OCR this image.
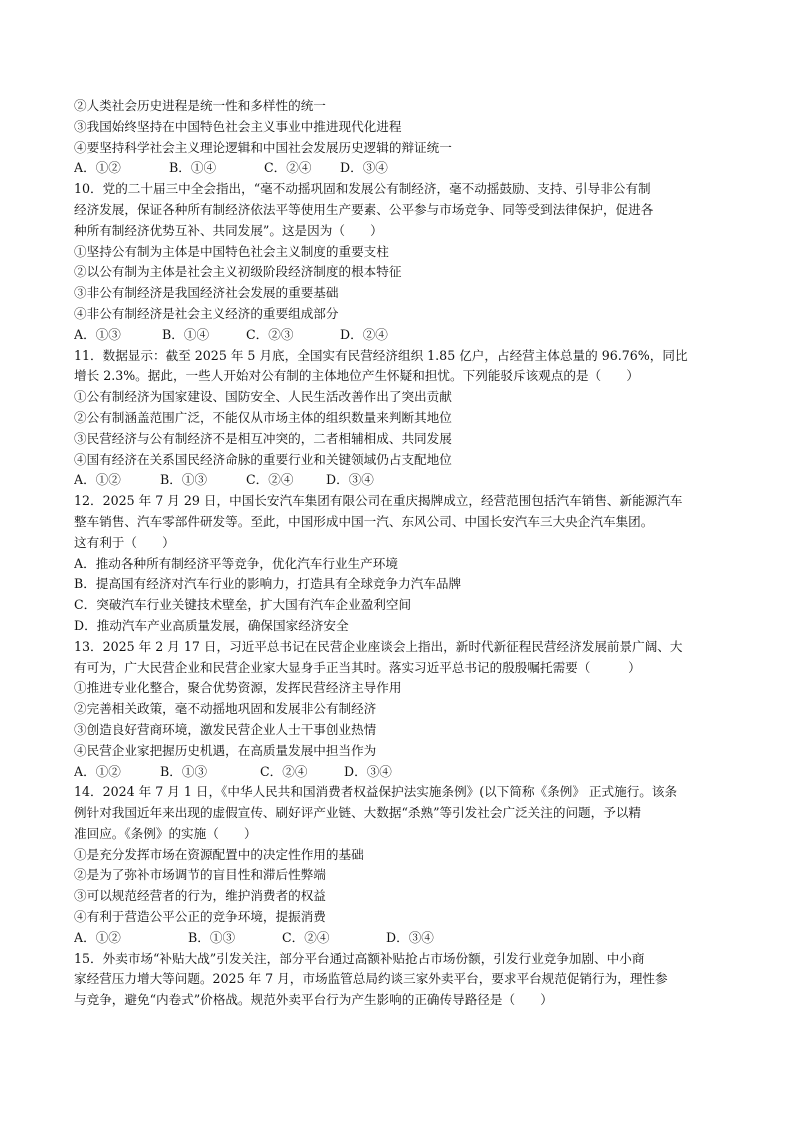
②人类社会历史进程是统一性和多样性的统一
③我国始终坚持在中国特色社会主义事业中推进现代化进程
④要坚持科学社会主义理论逻辑和中国社会发展历史逻辑的辩证统一
A．①②	B．①④	C．②④	D．③④
10．党的二十届三中全会指出，“毫不动摇巩固和发展公有制经济，毫不动摇鼓励、支持、引导非公有制
经济发展，保证各种所有制经济依法平等使用生产要素、公平参与市场竞争、同等受到法律保护，促进各
种所有制经济优势互补、共同发展”。这是因为（　　）
①坚持公有制为主体是中国特色社会主义制度的重要支柱
②以公有制为主体是社会主义初级阶段经济制度的根本特征
③非公有制经济是我国经济社会发展的重要基础
④非公有制经济是社会主义经济的重要组成部分
A．①③	B．①④	C．②③	D．②④
11．数据显示：截至 2025 年 5 月底，全国实有民营经济组织 1.85 亿户，占经营主体总量的 96.76%，同比
增长 2.3%。据此，一些人开始对公有制的主体地位产生怀疑和担忧。下列能驳斥该观点的是（　　）
①公有制经济为国家建设、国防安全、人民生活改善作出了突出贡献
②公有制涵盖范围广泛，不能仅从市场主体的组织数量来判断其地位
③民营经济与公有制经济不是相互冲突的，二者相辅相成、共同发展
④国有经济在关系国民经济命脉的重要行业和关键领域仍占支配地位
A．①②	B．①③	C．②④	D．③④
12．2025 年 7 月 29 日，中国长安汽车集团有限公司在重庆揭牌成立，经营范围包括汽车销售、新能源汽车
整车销售、汽车零部件研发等。至此，中国形成中国一汽、东风公司、中国长安汽车三大央企汽车集团。
这有利于（　　）
A．推动各种所有制经济平等竞争，优化汽车行业生产环境
B．提高国有经济对汽车行业的影响力，打造具有全球竞争力汽车品牌
C．突破汽车行业关键技术壁垒，扩大国有汽车企业盈利空间
D．推动汽车产业高质量发展，确保国家经济安全
13．2025 年 2 月 17 日，习近平总书记在民营企业座谈会上指出，新时代新征程民营经济发展前景广阔、大
有可为，广大民营企业和民营企业家大显身手正当其时。落实习近平总书记的殷殷嘱托需要（　　　）
①推进专业化整合，聚合优势资源，发挥民营经济主导作用
②完善相关政策，毫不动摇地巩固和发展非公有制经济
③创造良好营商环境，激发民营企业人士干事创业热情
④民营企业家把握历史机遇，在高质量发展中担当作为
A．①②	B．①③	C．②④	D．③④
14．2024 年 7 月 1 日，《中华人民共和国消费者权益保护法实施条例》(以下简称《条例》 正式施行。该条
例针对我国近年来出现的虚假宣传、刷好评产业链、大数据“杀熟”等引发社会广泛关注的问题，予以精
准回应。《条例》的实施（　　）
①是充分发挥市场在资源配置中的决定性作用的基础
②是为了弥补市场调节的盲目性和滞后性弊端
③可以规范经营者的行为，维护消费者的权益
④有利于营造公平公正的竞争环境，提振消费
A．①②	B．①③	C．②④	D．③④
15．外卖市场“补贴大战”引发关注，部分平台通过高额补贴抢占市场份额，引发行业竞争加剧、中小商
家经营压力增大等问题。2025 年 7 月，市场监管总局约谈三家外卖平台，要求平台规范促销行为，理性参
与竞争，避免“内卷式”价格战。规范外卖平台行为产生影响的正确传导路径是（　　）
